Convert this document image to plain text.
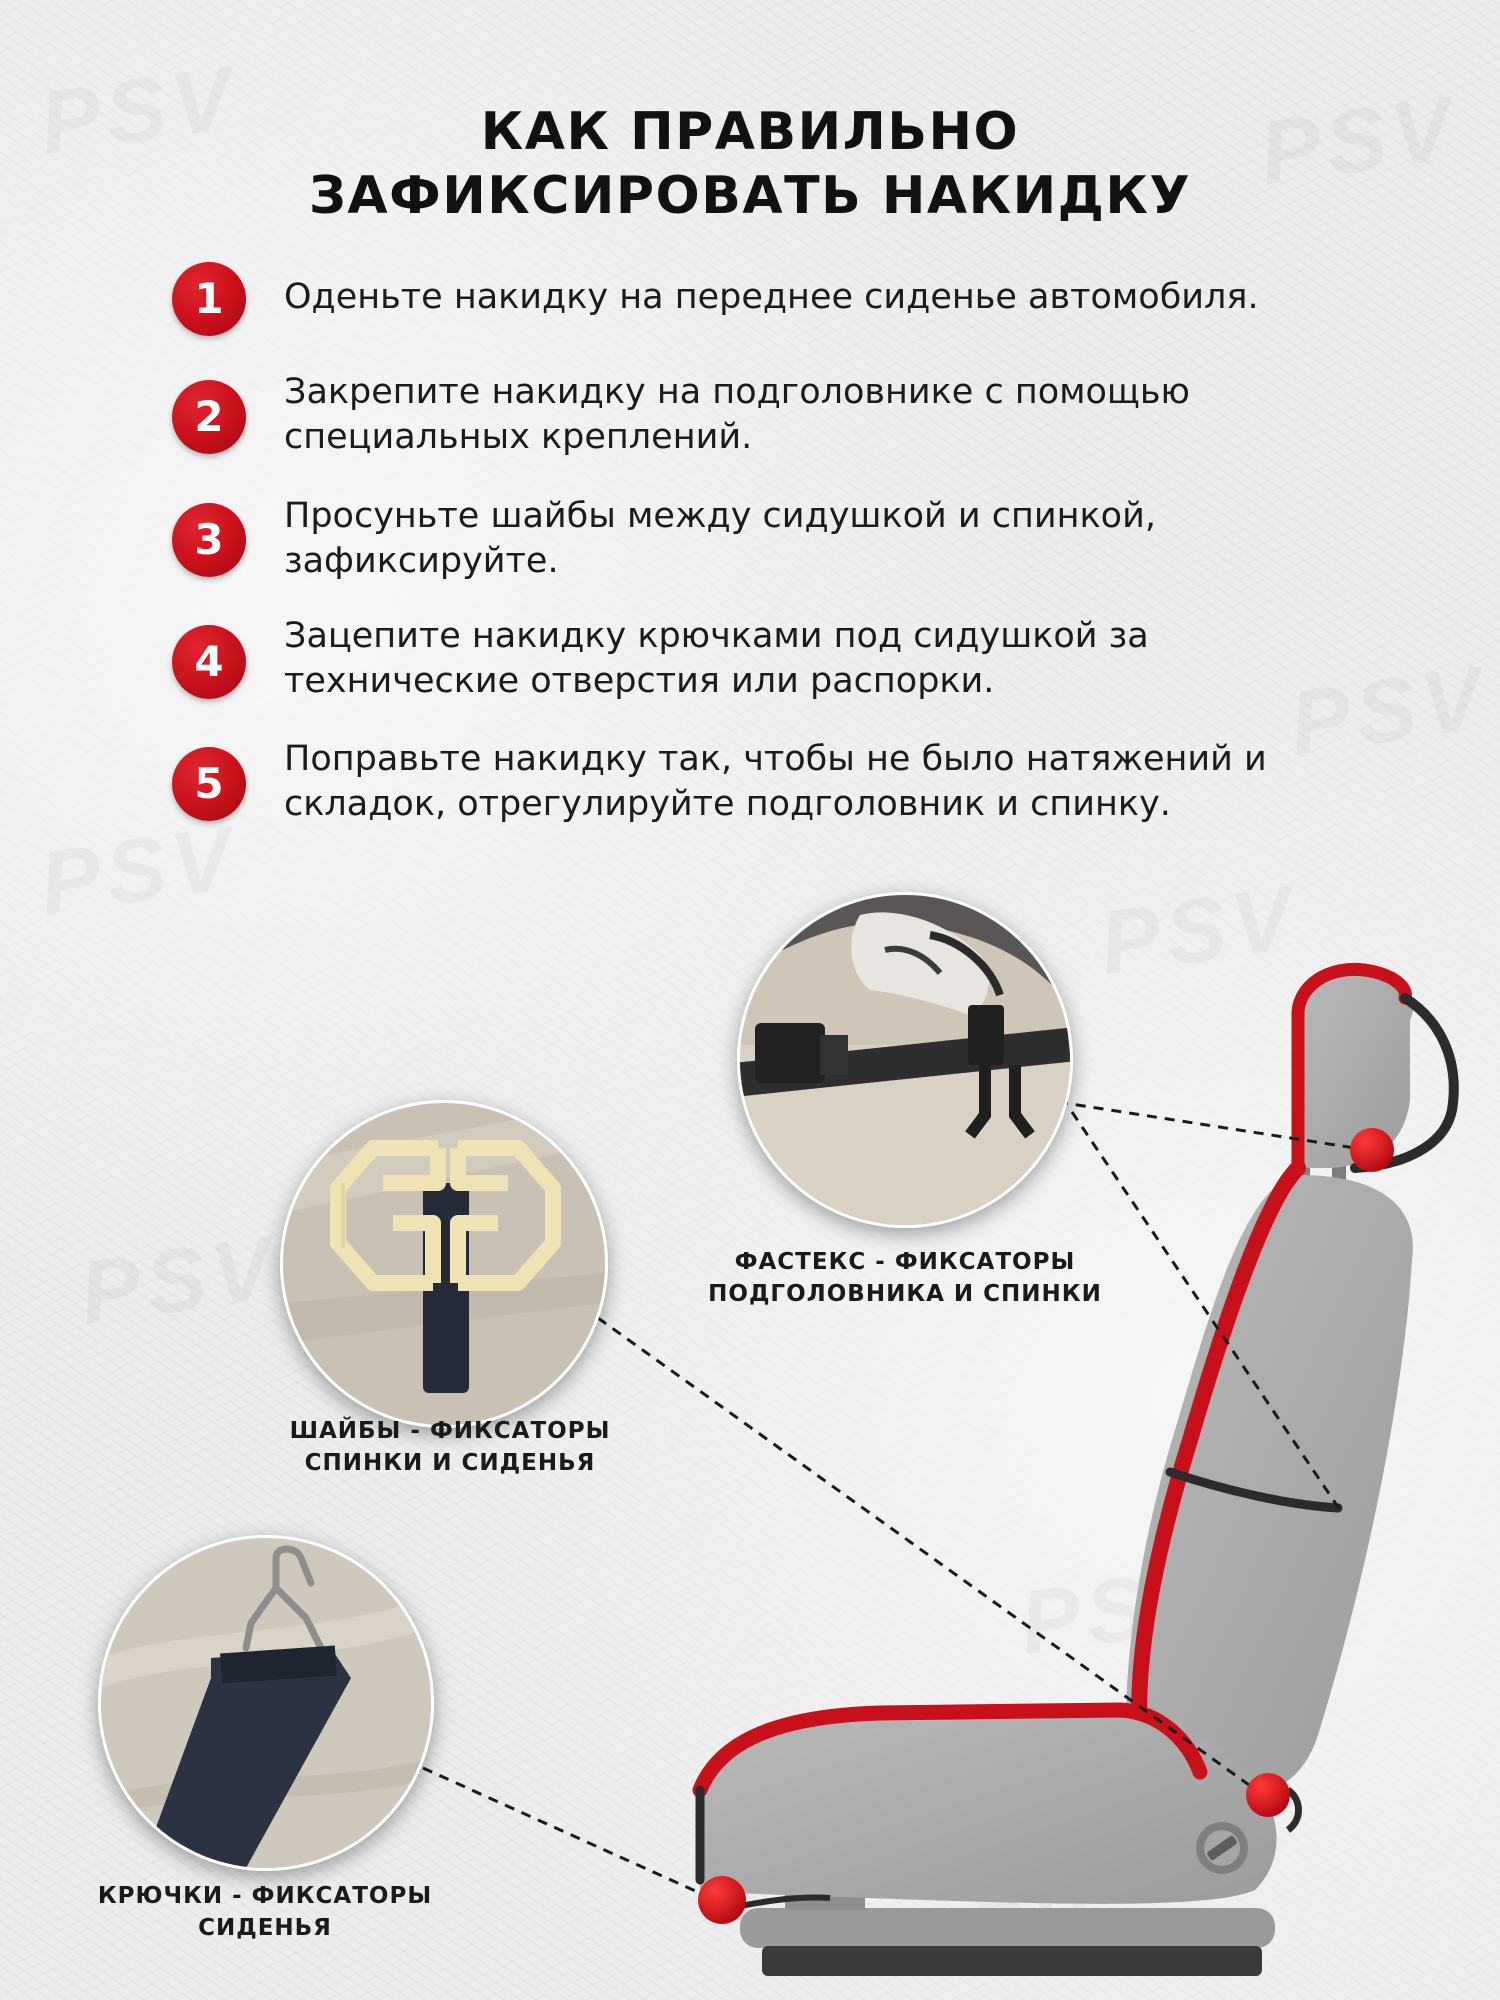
КАК ПРАВИЛЬНО
ЗАФИКСИРОВАТЬ НАКИДКУ
1	Оденьте накидку на переднее сиденье автомобиля.
2	Закрепите накидку на подголовнике с помощью специальных креплений.
3	Просуньте шайбы между сидушкой и спинкой, зафиксируйте.
4
Зацепите накидку крючками под сидушкой за технические отверстия или распорки.
5	Поправьте накидку так, чтобы не было натяжений и складок, отрегулируйте подголовник и спинку.
ФАСТЕКС - ФИКСАТОРЫ
ПОДГОЛОВНИКА И СПИНКИ
ШАЙБЫ - ФИКСАТОРЫ
СПИНКИ И СИДЕНЬЯ
КРЮЧКИ - ФИКСАТОРЫ
СИДЕНЬЯ
